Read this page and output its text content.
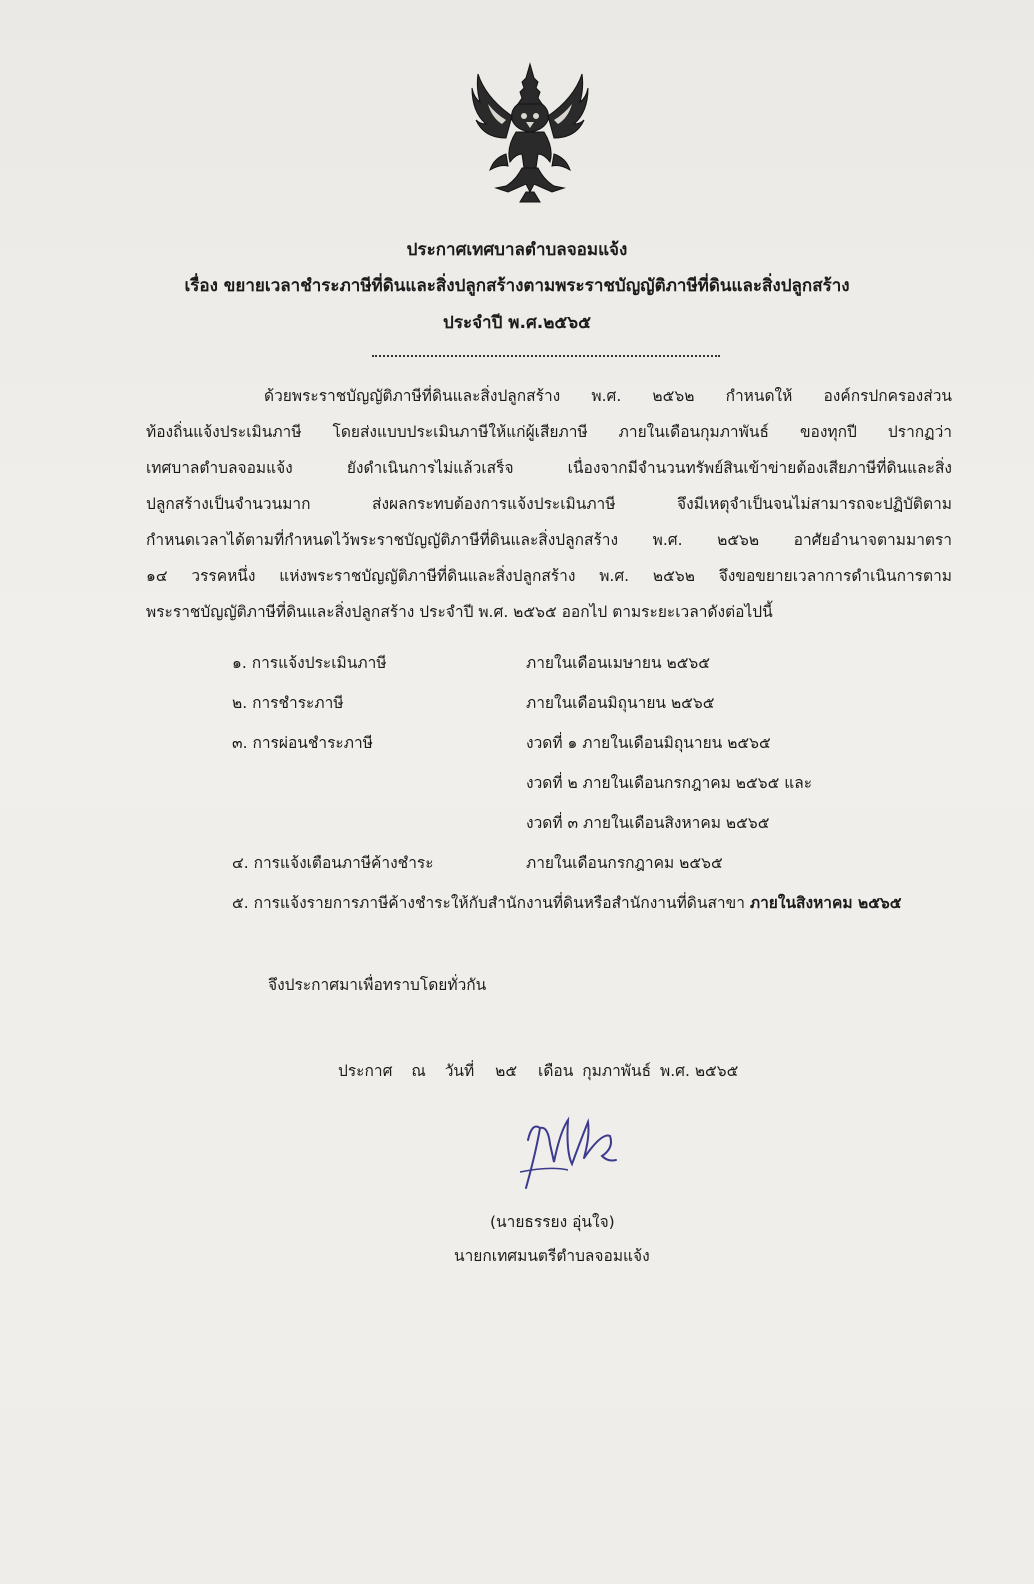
ประกาศเทศบาลตำบลจอมแจ้ง
เรื่อง ขยายเวลาชำระภาษีที่ดินและสิ่งปลูกสร้างตามพระราชบัญญัติภาษีที่ดินและสิ่งปลูกสร้าง
ประจำปี พ.ศ.๒๕๖๕
ด้วยพระราชบัญญัติภาษีที่ดินและสิ่งปลูกสร้าง พ.ศ. ๒๕๖๒ กำหนดให้ องค์กรปกครองส่วน
ท้องถิ่นแจ้งประเมินภาษี โดยส่งแบบประเมินภาษีให้แก่ผู้เสียภาษี ภายในเดือนกุมภาพันธ์ ของทุกปี ปรากฏว่า
เทศบาลตำบลจอมแจ้ง ยังดำเนินการไม่แล้วเสร็จ เนื่องจากมีจำนวนทรัพย์สินเข้าข่ายต้องเสียภาษีที่ดินและสิ่ง
ปลูกสร้างเป็นจำนวนมาก ส่งผลกระทบต้องการแจ้งประเมินภาษี จึงมีเหตุจำเป็นจนไม่สามารถจะปฏิบัติตาม
กำหนดเวลาได้ตามที่กำหนดไว้พระราชบัญญัติภาษีที่ดินและสิ่งปลูกสร้าง พ.ศ. ๒๕๖๒ อาศัยอำนาจตามมาตรา
๑๔ วรรคหนึ่ง แห่งพระราชบัญญัติภาษีที่ดินและสิ่งปลูกสร้าง พ.ศ. ๒๕๖๒ จึงขอขยายเวลาการดำเนินการตาม
พระราชบัญญัติภาษีที่ดินและสิ่งปลูกสร้าง ประจำปี พ.ศ. ๒๕๖๕ ออกไป ตามระยะเวลาดังต่อไปนี้
๑. การแจ้งประเมินภาษี	ภายในเดือนเมษายน ๒๕๖๕
๒. การชำระภาษี	ภายในเดือนมิถุนายน ๒๕๖๕
๓. การผ่อนชำระภาษี	งวดที่ ๑ ภายในเดือนมิถุนายน ๒๕๖๕
งวดที่ ๒ ภายในเดือนกรกฎาคม ๒๕๖๕ และ
งวดที่ ๓ ภายในเดือนสิงหาคม ๒๕๖๕
๔. การแจ้งเตือนภาษีค้างชำระ	ภายในเดือนกรกฎาคม ๒๕๖๕
๕. การแจ้งรายการภาษีค้างชำระให้กับสำนักงานที่ดินหรือสำนักงานที่ดินสาขา ภายในสิงหาคม ๒๕๖๕
จึงประกาศมาเพื่อทราบโดยทั่วกัน
ประกาศ ณ วันที่ ๒๕ เดือน กุมภาพันธ์ พ.ศ. ๒๕๖๕
(นายธรรยง อุ่นใจ)
นายกเทศมนตรีตำบลจอมแจ้ง
